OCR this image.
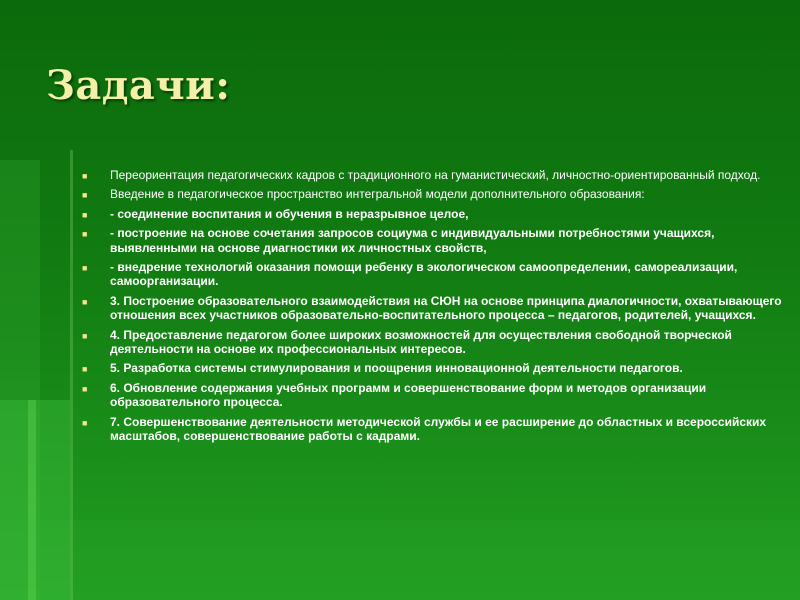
Задачи:
■ Переориентация педагогических кадров с традиционного на гуманистический, личностно-ориентированный подход.
■ Введение в педагогическое пространство интегральной модели дополнительного образования:
■ - соединение воспитания и обучения в неразрывное целое,
■ - построение на основе сочетания запросов социума с индивидуальными потребностями учащихся, выявленными на основе диагностики их личностных свойств,
■ - внедрение технологий оказания помощи ребенку в экологическом самоопределении, самореализации, самоорганизации.
■ 3. Построение образовательного взаимодействия на СЮН на основе принципа диалогичности, охватывающего отношения всех участников образовательно-воспитательного процесса – педагогов, родителей, учащихся.
■ 4. Предоставление педагогом более широких возможностей для осуществления свободной творческой деятельности на основе их профессиональных интересов.
■ 5. Разработка системы стимулирования и поощрения инновационной деятельности педагогов.
■ 6. Обновление содержания учебных программ и совершенствование форм и методов организации образовательного процесса.
■ 7. Совершенствование деятельности методической службы и ее расширение до областных и всероссийских масштабов, совершенствование работы с кадрами.
